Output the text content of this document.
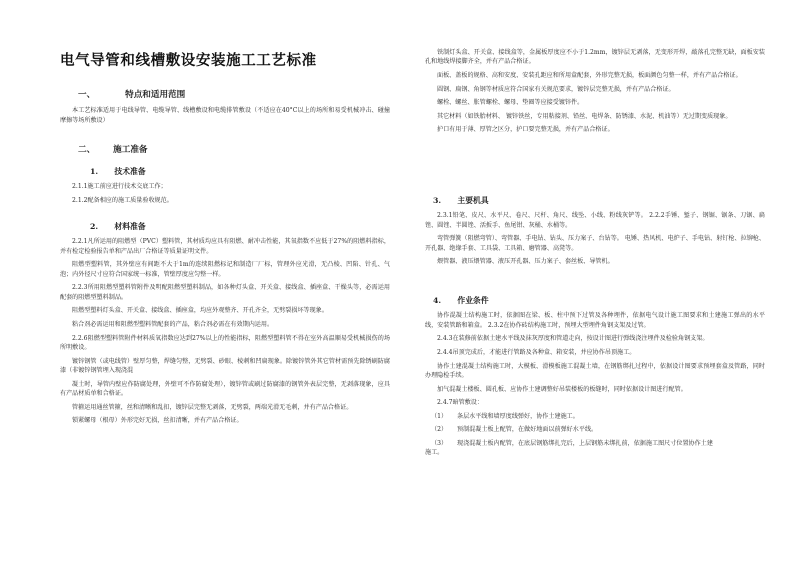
电气导管和线槽敷设安装施工工艺标准
一、          特点和适用范围
本工艺标准适用于电线导管、电缆导管、线槽敷设和电缆排管敷设（不适应在40°C以上的场所和易受机械冲击、碰撞摩擦等场所敷设）
二、      施工准备
1.      技术准备
2.1.1施工前应进行技术交底工作；
2.1.2配备相应的施工质量验收规范。
2.      材料准备
2.2.1凡所运用的阻燃型（PVC）塑料管，其材质均应具有阻燃、耐冲击性能，其氧指数不应低于27%的阻燃料指标，并有检定检验报告单和产品出厂合格证等质量证明文件。
阻燃型塑料管，其外壁应有间距不大于1m的连续阻燃标记和制造厂厂标，管理外应光滑，无凸棱、凹陷、针孔、气泡；内外径尺寸应符合国家统一标准，管壁厚度应匀整一样。
2.2.3所用阻燃型塑料管附件及明配阻燃型塑料制品，如各种灯头盒、开关盒、接线盒、插座盒、干燥头等，必需运用配套的阻燃型塑料制品。
阻燃型塑料灯头盒、开关盒、接线盒、插座盒，均应外观整齐、开孔齐全，无劈裂损坏等现象。
粘合剂必需运用和阻燃型塑料管配套的产品，粘合剂必需在有效期内运用。
2.2.6阻燃型塑料管附件材料质氧指数应达到27%以上的性能指标，阻燃型塑料管不得在室外高温顺易受机械损伤的场所明敷设。
镀锌钢管（或电线管）壁厚匀整，焊缝匀整，无劈裂、砂眼、棱刺和凹扁现象。除镀锌管外其它管材需预先除锈刷防腐漆（非镀锌钢管埋入现浇混
凝土时，导管内壁应作防腐处理，外壁可不作防腐处理），镀锌管或刷过防腐漆的钢管外表层完整，无剥落现象，应具有产品材质单和合格证。
管箍运用通丝管箍，丝和清晰和乱扣，镀锌层完整无剥落，无劈裂，两端光滑无毛刺，并有产品合格证。
锁紧螺母（根母）外形完好无损，丝扣清晰，并有产品合格证。
铁制灯头盒、开关盒、接线盒等，金属板厚度应不小于1.2mm，镀锌层无剥落，无变形开焊，敲落孔完整无缺，面板安装孔和地线焊接脚齐全，并有产品合格证。
面板、盖板的规格、高和安度、安装孔距应和所用盒配套，外形完整无损，板面颜色匀整一样，并有产品合格证。
圆钢、扁钢、角钢等材质应符合国家有关规范要求，镀锌层完整无损，并有产品合格证。
螺栓、螺丝、胀管螺栓、螺母、垫圈等应接受镀锌件。
其它材料（如铁胎材料、 镀锌铁丝，专用粘接剂、铅丝、电焊条、防锈漆、水泥、机油等）无过期变质现象。
护口有用于薄、厚管之区分，护口要完整无损，并有产品合格证。
3.      主要机具
2.3.1铅笔、皮尺、水平尺、卷尺、尺杆、角尺、线坠、小线、粉线灰铲等。 2.2.2手锤、錾子、钢锯、锯条、刀锯、扁锉、圆锉、半圆锉、活扳手、鱼尾钳、灰桶、水桶等。
弯管弹簧（阻燃弯管）、弯管器、手电钻、钻头、压力案子、台钻等。 电锤、热风机、电炉子、手电钻、射钉枪、拉铆枪、开孔器、绝缘手套、工具袋、工具箱、磨管器、高凳等。
煨管器、液压煨管器、液压开孔器、压力案子、套丝板、导管机。
4.      作业条件
协作混凝土结构施工时，依据图在梁、板、柱中预下过管及各种埋件，依据电气设计施工图要求和土建施工弹出的水平线，安装管路和箱盒。 2.3.2在协作砖结构施工时，预埋大型埋件角钢支架及过管。
2.4.3在装修前依据土建水平线及抹灰厚度和管道走向，按设计图进行弹线浇注埋件及检验角钢支架。
2.4.4吊顶完成后，才能进行管路及各种盒、箱安装，并应协作吊顶施工。
协作土建混凝土结构施工时，大模板、滑模板施工混凝土墙，在钢筋绑扎过程中，依据设计图要求预埋套盒及管路，同时办理隐检手续。
加气混凝土楼板、圆孔板、应协作土建调整好吊装楼板的板缝时，同时依据设计图进行配管。
2.4.7暗管敷设：
（1） 条层水平线和墙厚度线弹好，协作土建施工。
（2） 预制混凝土板上配管，在做好地面以前弹好水平线。
（3） 现浇混凝土板内配管，在底层钢筋绑扎完后，上层钢筋未绑扎前，依据施工图尺寸位置协作土建
施工。
